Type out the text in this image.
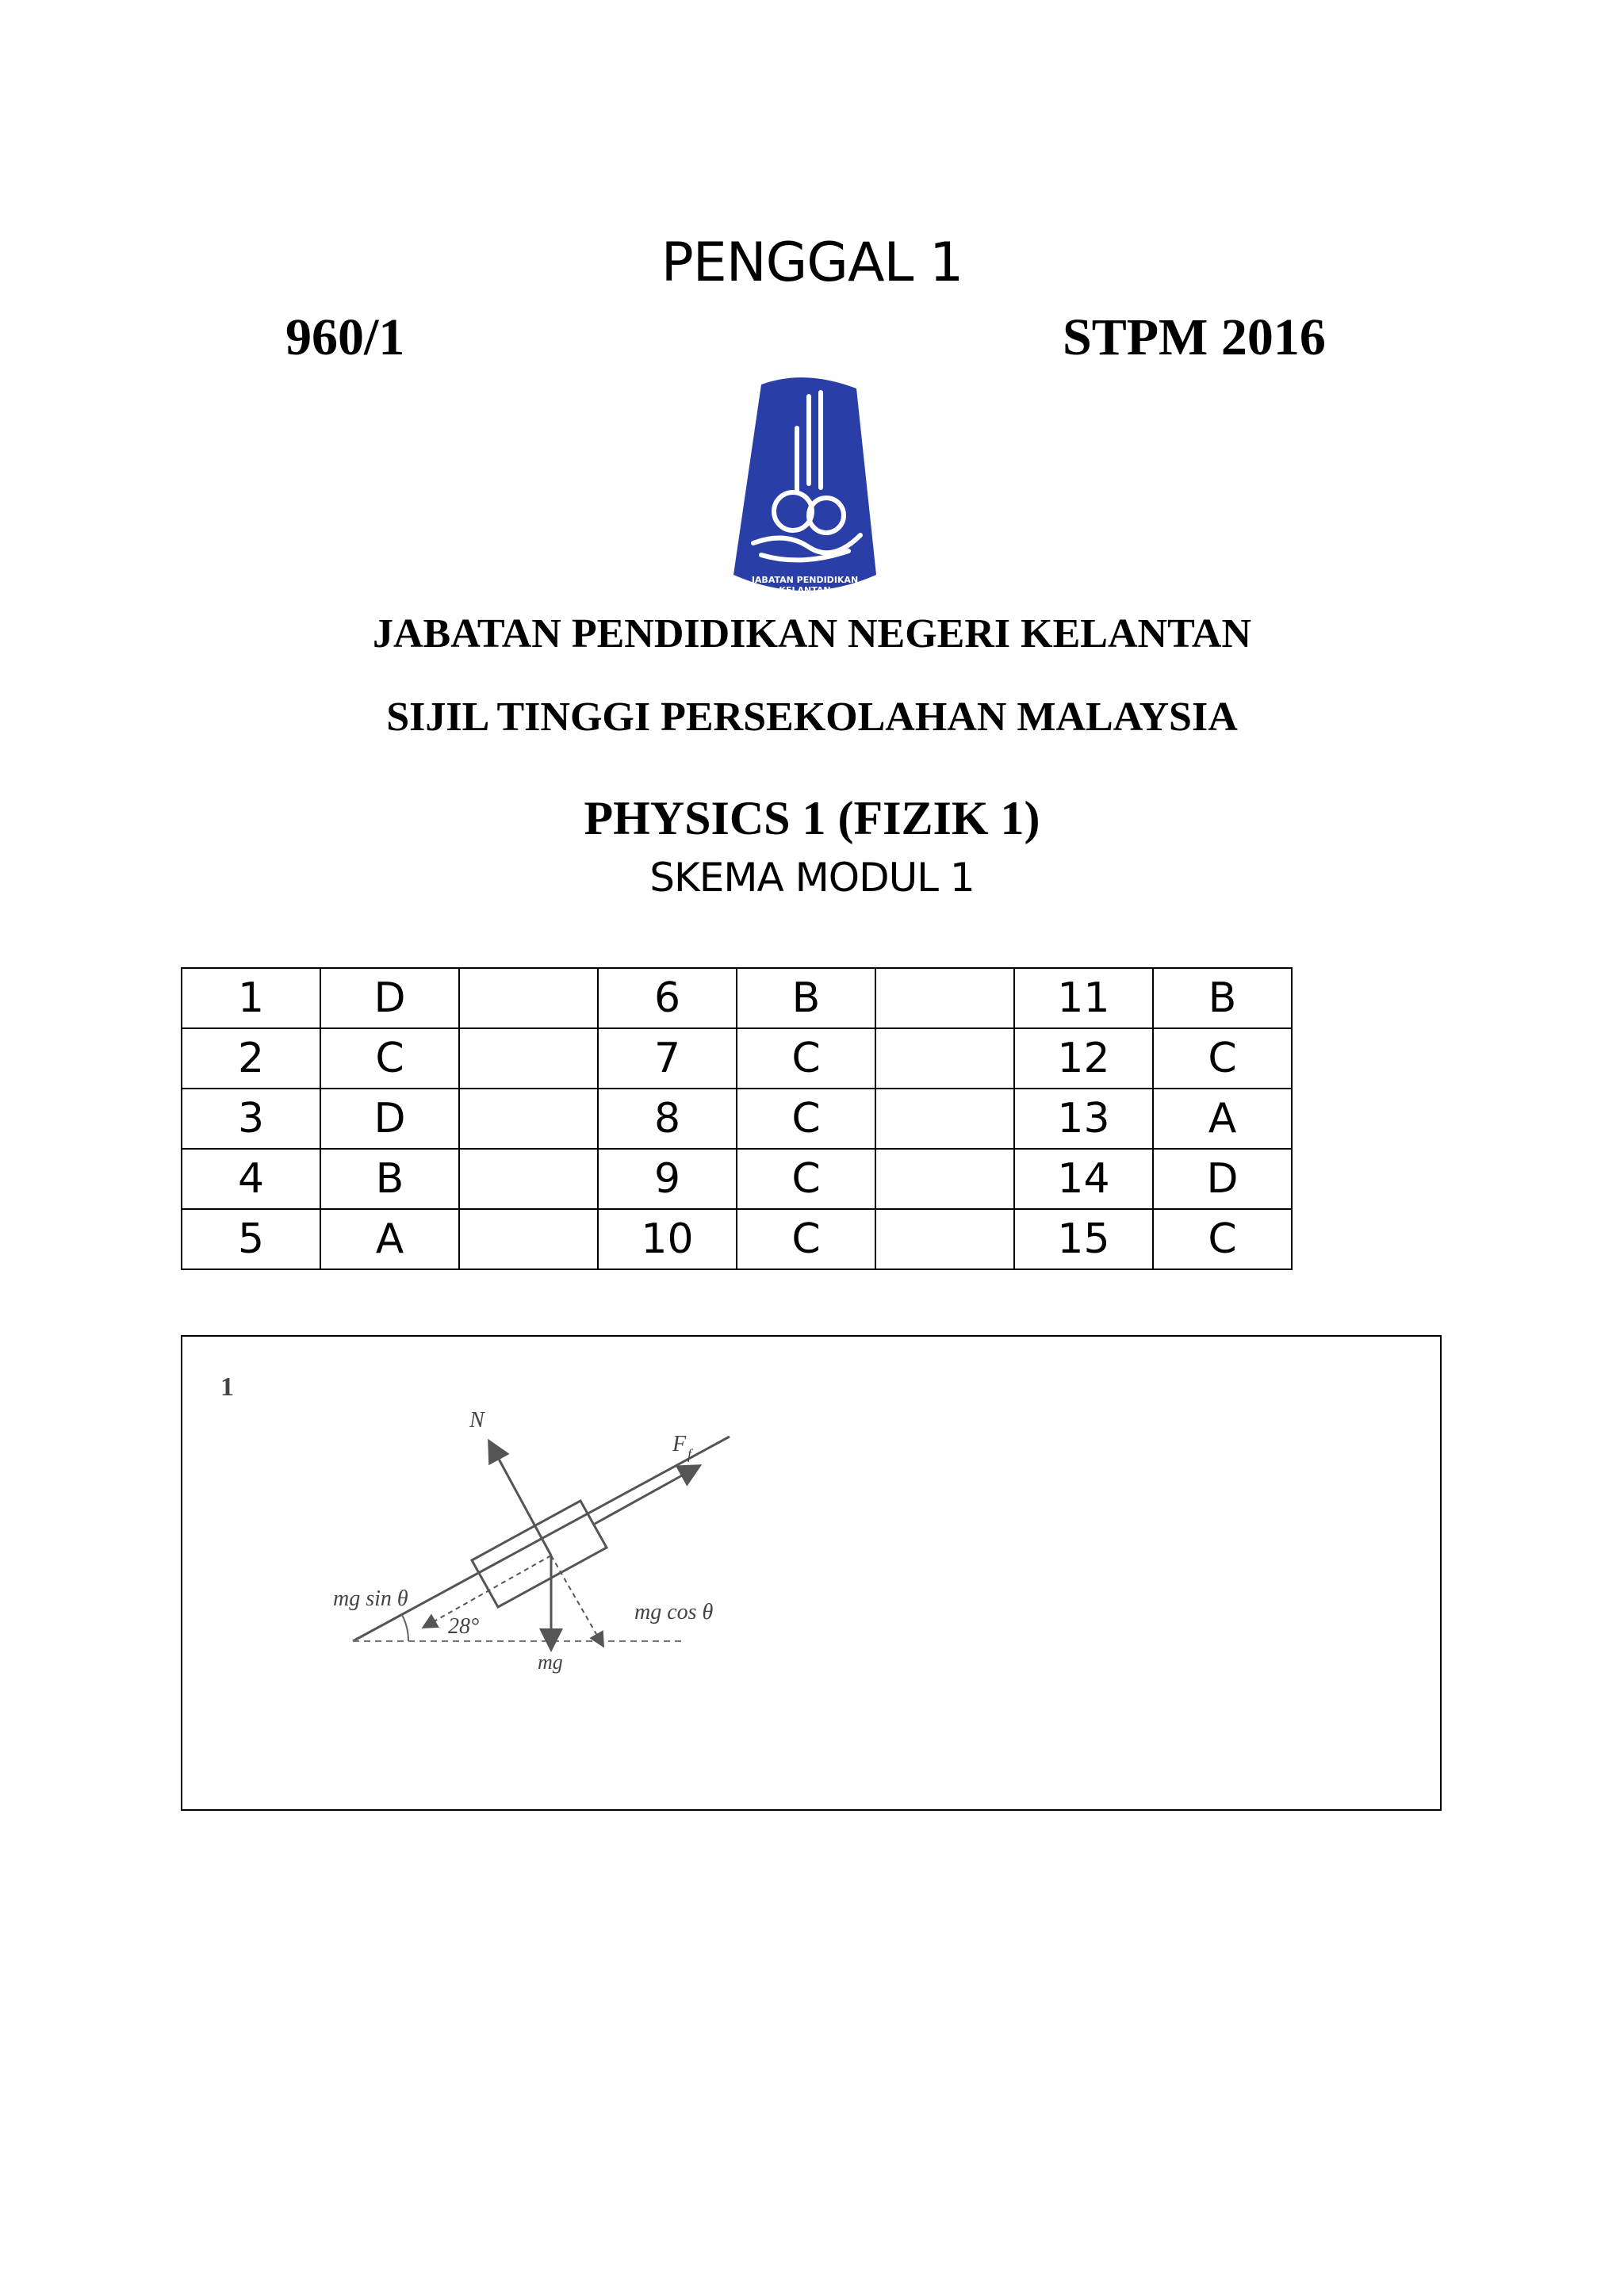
PENGGAL 1
960/1	STPM 2016
JABATAN PENDIDIKAN
KELANTAN
JABATAN PENDIDIKAN NEGERI KELANTAN
SIJIL TINGGI PERSEKOLAHAN MALAYSIA
PHYSICS 1 (FIZIK 1)
SKEMA MODUL 1
1	D		6	B		11	B
2	C		7	C		12	C
3	D		8	C		13	A
4	B		9	C		14	D
5	A		10	C		15	C
1
28°
N
F f
mg sin θ
mg cos θ
mg
